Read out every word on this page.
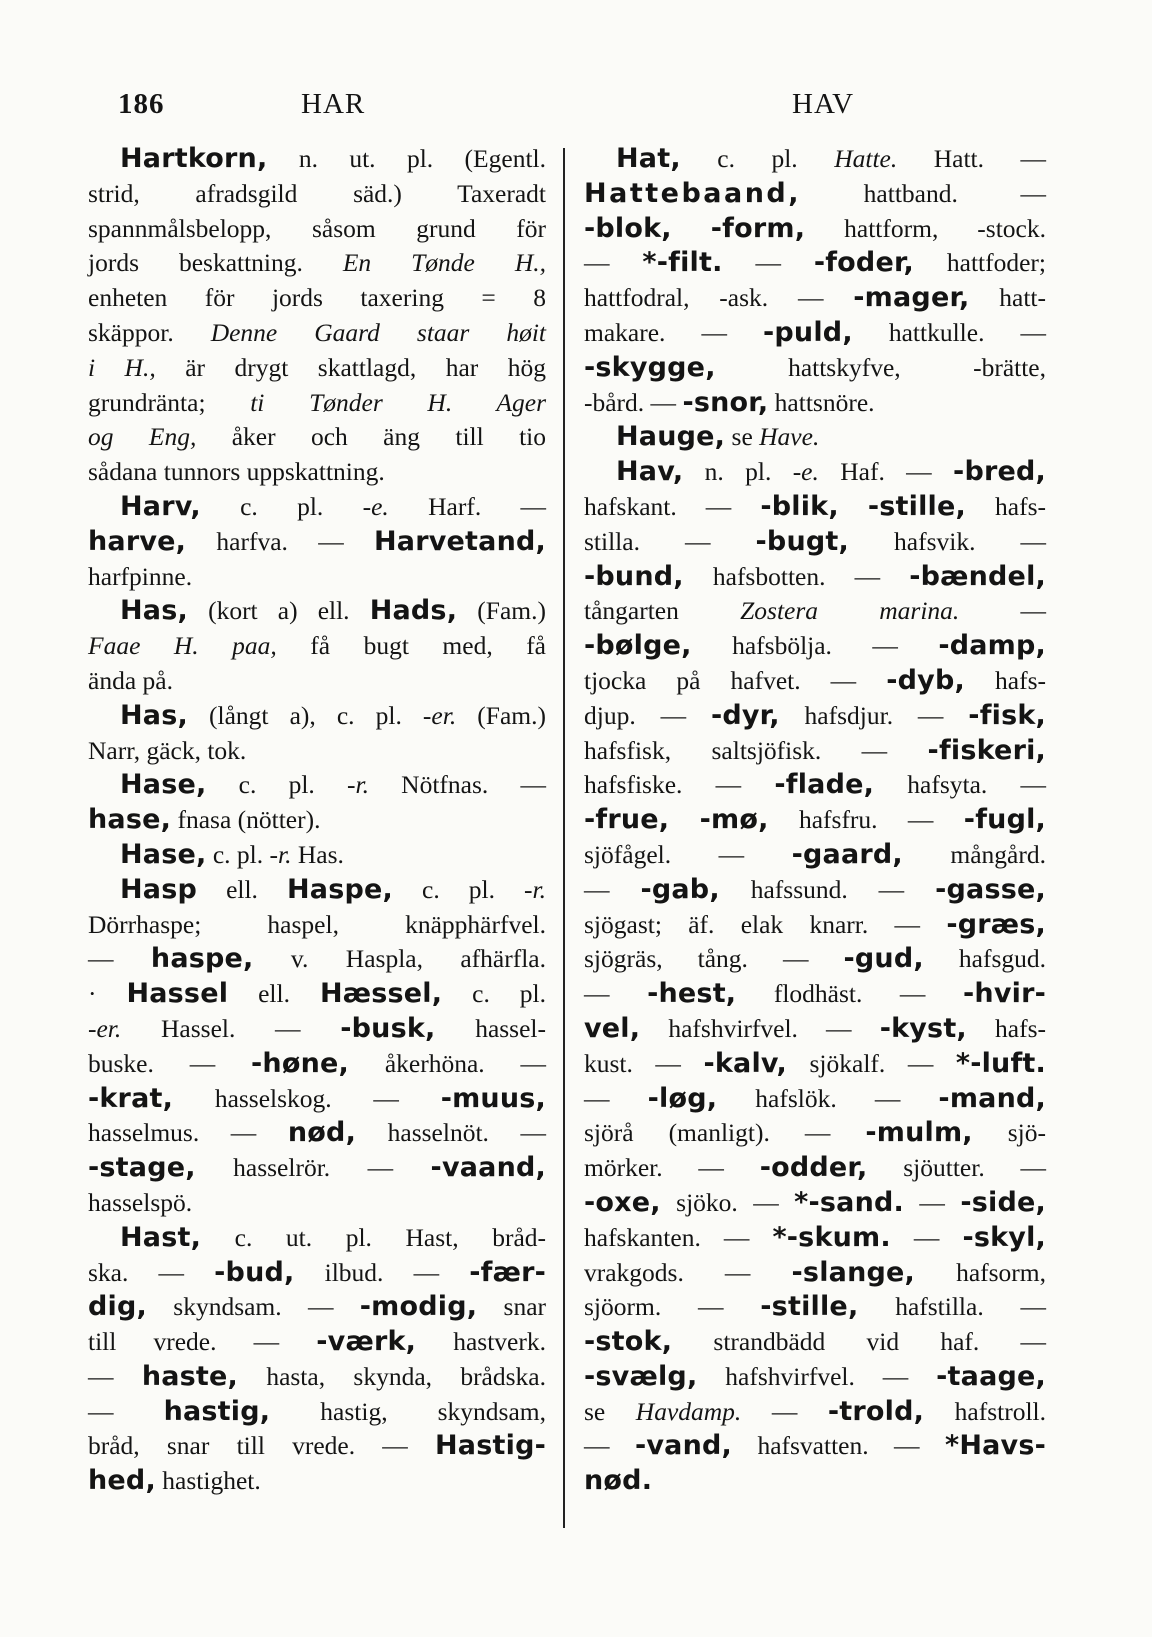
186	HAR	HAV
Hartkorn, n. ut. pl. (Egentl.
strid, afradsgild säd.) Taxeradt
spannmålsbelopp, såsom grund för
jords beskattning. En Tønde H.,
enheten för jords taxering = 8
skäppor. Denne Gaard staar høit
i H., är drygt skattlagd, har hög
grundränta; ti Tønder H. Ager
og Eng, åker och äng till tio
sådana tunnors uppskattning.
Harv, c. pl. -e. Harf. —
harve, harfva. — Harvetand,
harfpinne.
Has, (kort a) ell. Hads, (Fam.)
Faae H. paa, få bugt med, få
ända på.
Has, (långt a), c. pl. -er. (Fam.)
Narr, gäck, tok.
Hase, c. pl. -r. Nötfnas. —
hase, fnasa (nötter).
Hase, c. pl. -r. Has.
Hasp ell. Haspe, c. pl. -r.
Dörrhaspe; haspel, knäpphärfvel.
— haspe, v. Haspla, afhärfla.
· Hassel ell. Hæssel, c. pl.
-er. Hassel. — -busk, hassel-
buske. — -høne, åkerhöna. —
-krat, hasselskog. — -muus,
hasselmus. — nød, hasselnöt. —
-stage, hasselrör. — -vaand,
hasselspö.
Hast, c. ut. pl. Hast, bråd-
ska. — -bud, ilbud. — -fær-
dig, skyndsam. — -modig, snar
till vrede. — -værk, hastverk.
— haste, hasta, skynda, brådska.
— hastig, hastig, skyndsam,
bråd, snar till vrede. — Hastig-
hed, hastighet.
Hat, c. pl. Hatte. Hatt. —
Hattebaand, hattband. —
-blok, -form, hattform, -stock.
— *-filt. — -foder, hattfoder;
hattfodral, -ask. — -mager, hatt-
makare. — -puld, hattkulle. —
-skygge, hattskyfve, -brätte,
-bård. — -snor, hattsnöre.
Hauge, se Have.
Hav, n. pl. -e. Haf. — -bred,
hafskant. — -blik, -stille, hafs-
stilla. — -bugt, hafsvik. —
-bund, hafsbotten. — -bændel,
tångarten Zostera marina. —
-bølge, hafsbölja. — -damp,
tjocka på hafvet. — -dyb, hafs-
djup. — -dyr, hafsdjur. — -fisk,
hafsfisk, saltsjöfisk. — -fiskeri,
hafsfiske. — -flade, hafsyta. —
-frue, -mø, hafsfru. — -fugl,
sjöfågel. — -gaard, mångård.
— -gab, hafssund. — -gasse,
sjögast; äf. elak knarr. — -græs,
sjögräs, tång. — -gud, hafsgud.
— -hest, flodhäst. — -hvir-
vel, hafshvirfvel. — -kyst, hafs-
kust. — -kalv, sjökalf. — *-luft.
— -løg, hafslök. — -mand,
sjörå (manligt). — -mulm, sjö-
mörker. — -odder, sjöutter. —
-oxe, sjöko. — *-sand. — -side,
hafskanten. — *-skum. — -skyl,
vrakgods. — -slange, hafsorm,
sjöorm. — -stille, hafstilla. —
-stok, strandbädd vid haf. —
-svælg, hafshvirfvel. — -taage,
se Havdamp. — -trold, hafstroll.
— -vand, hafsvatten. — *Havs-
nød.
